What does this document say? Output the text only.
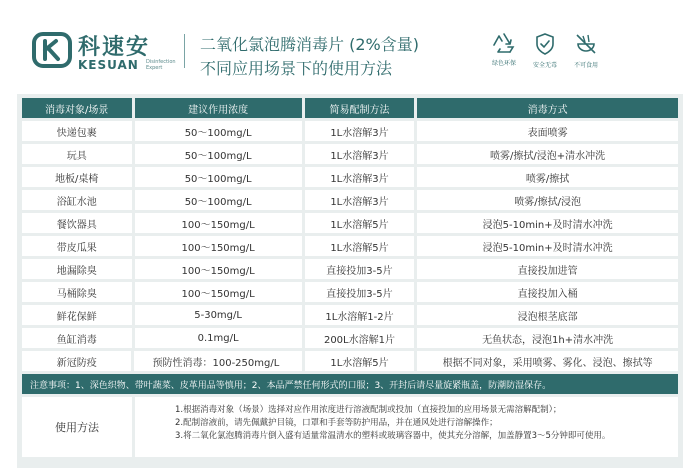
科速安
KESUAN Disinfection Expert
二氧化氯泡腾消毒片 (2%含量)
不同应用场景下的使用方法	绿色环保	安全无毒	不可食用
消毒对象/场景	建议作用浓度	简易配制方法	消毒方式
快递包裹	50～100mg/L	1L水溶解3片	表面喷雾
玩具	50～100mg/L	1L水溶解3片	喷雾/擦拭/浸泡+清水冲洗
地板/桌椅	50～100mg/L	1L水溶解3片	喷雾/擦拭
浴缸水池	50～100mg/L	1L水溶解3片	喷雾/擦拭/浸泡
餐饮器具	100～150mg/L	1L水溶解5片	浸泡5-10min+及时清水冲洗
带皮瓜果	100～150mg/L	1L水溶解5片	浸泡5-10min+及时清水冲洗
地漏除臭	100～150mg/L	直接投加3-5片	直接投加进管
马桶除臭	100～150mg/L	直接投加3-5片	直接投加入桶
鲜花保鲜	5-30mg/L	1L水溶解1-2片	浸泡根茎底部
鱼缸消毒	0.1mg/L	200L水溶解1片	无鱼状态，浸泡1h+清水冲洗
新冠防疫	预防性消毒：100-250mg/L	1L水溶解5片	根据不同对象，采用喷雾、雾化、浸泡、擦拭等
注意事项：1、深色织物、带叶蔬菜、皮革用品等慎用；2、本品严禁任何形式的口服；3、开封后请尽量旋紧瓶盖，防潮防湿保存。
使用方法
1.根据消毒对象（场景）选择对应作用浓度进行溶液配制或投加（直接投加的应用场景无需溶解配制）；
2.配制溶液前，请先佩戴护目镜，口罩和手套等防护用品，并在通风处进行溶解操作；
3.将二氧化氯泡腾消毒片倒入盛有适量常温清水的塑料或玻璃容器中，使其充分溶解，加盖静置3～5分钟即可使用。
